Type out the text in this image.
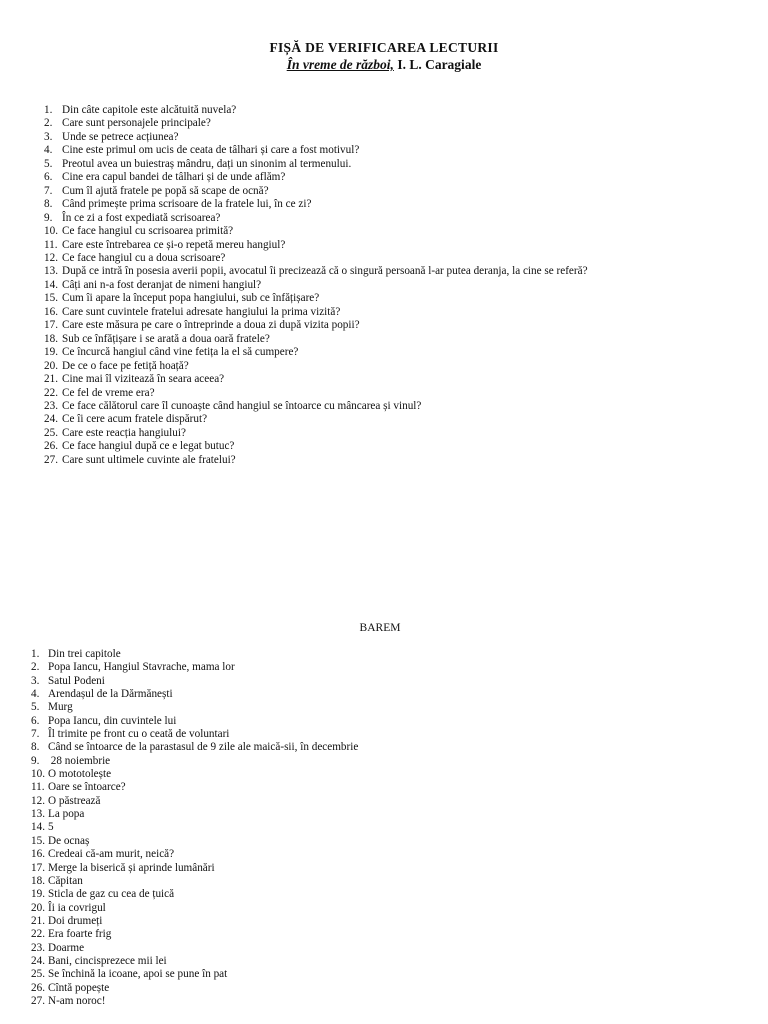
FIȘĂ DE VERIFICAREA LECTURII
În vreme de război, I. L. Caragiale
1. Din câte capitole este alcătuită nuvela?
2. Care sunt personajele principale?
3. Unde se petrece acțiunea?
4. Cine este primul om ucis de ceata de tâlhari și care a fost motivul?
5. Preotul avea un buiestraș mândru, dați un sinonim al termenului.
6. Cine era capul bandei de tâlhari și de unde aflăm?
7. Cum îl ajută fratele pe popă să scape de ocnă?
8. Când primește prima scrisoare de la fratele lui, în ce zi?
9. În ce zi a fost expediată scrisoarea?
10. Ce face hangiul cu scrisoarea primită?
11. Care este întrebarea ce și-o repetă mereu hangiul?
12. Ce face hangiul cu a doua scrisoare?
13. După ce intră în posesia averii popii, avocatul îi precizează că o singură persoană l-ar putea deranja, la cine se referă?
14. Câți ani n-a fost deranjat de nimeni hangiul?
15. Cum îi apare la început popa hangiului, sub ce înfățișare?
16. Care sunt cuvintele fratelui adresate hangiului la prima vizită?
17. Care este măsura pe care o întreprinde a doua zi după vizita popii?
18. Sub ce înfățișare i se arată a doua oară fratele?
19. Ce încurcă hangiul când vine fetița la el să cumpere?
20. De ce o face pe fetiță hoață?
21. Cine mai îl vizitează în seara aceea?
22. Ce fel de vreme era?
23. Ce face călătorul care îl cunoaște când hangiul se întoarce cu mâncarea și vinul?
24. Ce îi cere acum fratele dispărut?
25. Care este reacția hangiului?
26. Ce face hangiul după ce e legat butuc?
27. Care sunt ultimele cuvinte ale fratelui?
BAREM
1. Din trei capitole
2. Popa Iancu, Hangiul Stavrache, mama lor
3. Satul Podeni
4. Arendașul de la Dărmănești
5. Murg
6. Popa Iancu, din cuvintele lui
7. Îl trimite pe front cu o ceată de voluntari
8. Când se întoarce de la parastasul de 9 zile ale maică-sii, în decembrie
9. 28 noiembrie
10. O mototolește
11. Oare se întoarce?
12. O păstrează
13. La popa
14. 5
15. De ocnaș
16. Credeai că-am murit, neică?
17. Merge la biserică și aprinde lumânări
18. Căpitan
19. Sticla de gaz cu cea de țuică
20. Îi ia covrigul
21. Doi drumeți
22. Era foarte frig
23. Doarme
24. Bani, cincisprezece mii lei
25. Se închină la icoane, apoi se pune în pat
26. Cîntă popește
27. N-am noroc!
